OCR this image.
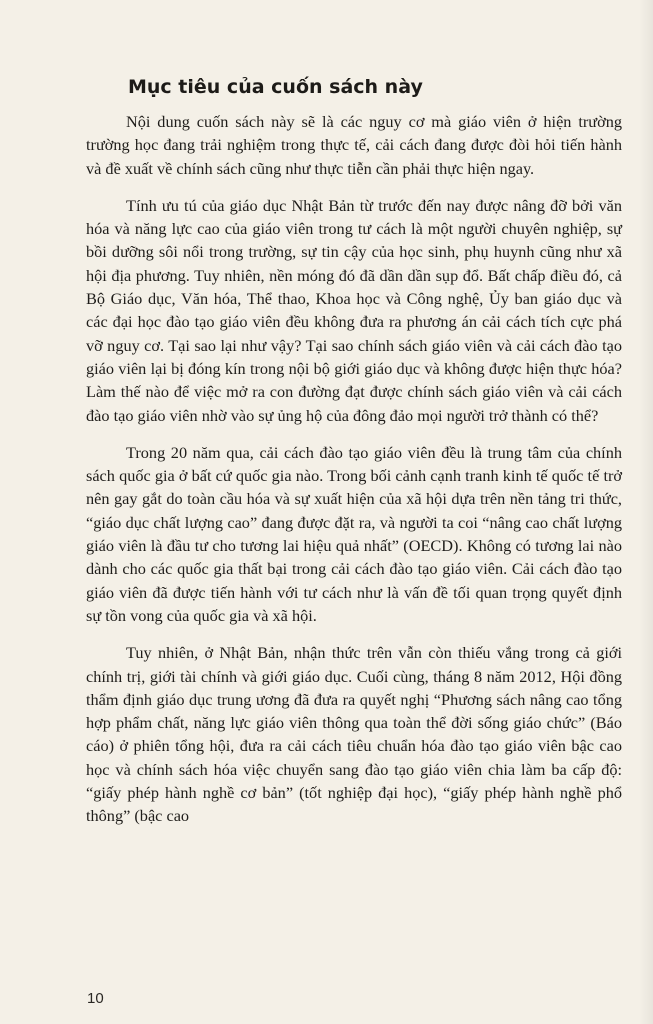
Mục tiêu của cuốn sách này

Nội dung cuốn sách này sẽ là các nguy cơ mà giáo viên ở hiện trường trường học đang trải nghiệm trong thực tế, cải cách đang được đòi hỏi tiến hành và đề xuất về chính sách cũng như thực tiễn cần phải thực hiện ngay.

Tính ưu tú của giáo dục Nhật Bản từ trước đến nay được nâng đỡ bởi văn hóa và năng lực cao của giáo viên trong tư cách là một người chuyên nghiệp, sự bồi dưỡng sôi nổi trong trường, sự tin cậy của học sinh, phụ huynh cũng như xã hội địa phương. Tuy nhiên, nền móng đó đã dần dần sụp đổ. Bất chấp điều đó, cả Bộ Giáo dục, Văn hóa, Thể thao, Khoa học và Công nghệ, Ủy ban giáo dục và các đại học đào tạo giáo viên đều không đưa ra phương án cải cách tích cực phá vỡ nguy cơ. Tại sao lại như vậy? Tại sao chính sách giáo viên và cải cách đào tạo giáo viên lại bị đóng kín trong nội bộ giới giáo dục và không được hiện thực hóa? Làm thế nào để việc mở ra con đường đạt được chính sách giáo viên và cải cách đào tạo giáo viên nhờ vào sự ủng hộ của đông đảo mọi người trở thành có thể?

Trong 20 năm qua, cải cách đào tạo giáo viên đều là trung tâm của chính sách quốc gia ở bất cứ quốc gia nào. Trong bối cảnh cạnh tranh kinh tế quốc tế trở nên gay gắt do toàn cầu hóa và sự xuất hiện của xã hội dựa trên nền tảng tri thức, “giáo dục chất lượng cao” đang được đặt ra, và người ta coi “nâng cao chất lượng giáo viên là đầu tư cho tương lai hiệu quả nhất” (OECD). Không có tương lai nào dành cho các quốc gia thất bại trong cải cách đào tạo giáo viên. Cải cách đào tạo giáo viên đã được tiến hành với tư cách như là vấn đề tối quan trọng quyết định sự tồn vong của quốc gia và xã hội.

Tuy nhiên, ở Nhật Bản, nhận thức trên vẫn còn thiếu vắng trong cả giới chính trị, giới tài chính và giới giáo dục. Cuối cùng, tháng 8 năm 2012, Hội đồng thẩm định giáo dục trung ương đã đưa ra quyết nghị “Phương sách nâng cao tổng hợp phẩm chất, năng lực giáo viên thông qua toàn thể đời sống giáo chức” (Báo cáo) ở phiên tổng hội, đưa ra cải cách tiêu chuẩn hóa đào tạo giáo viên bậc cao học và chính sách hóa việc chuyển sang đào tạo giáo viên chia làm ba cấp độ: “giấy phép hành nghề cơ bản” (tốt nghiệp đại học), “giấy phép hành nghề phổ thông” (bậc cao

10
